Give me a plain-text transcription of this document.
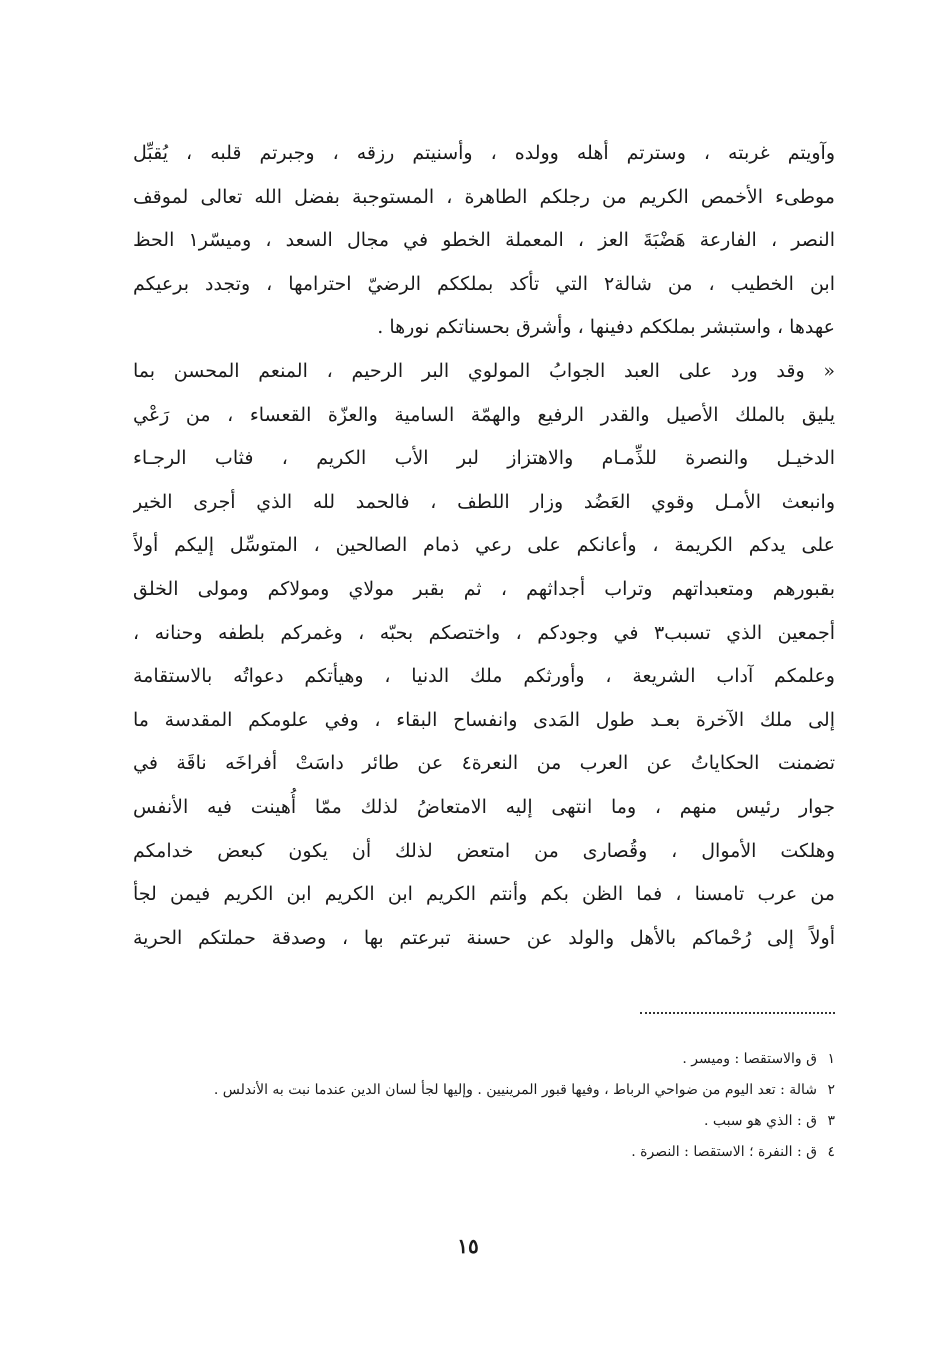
وآويتم غربته ، وسترتم أهله وولده ، وأسنيتم رزقه ، وجبرتم قلبه ، يُقبِّل
موطىء الأخمص الكريم من رجلكم الطاهرة ، المستوجبة بفضل الله تعالى لموقف
النصر ، الفارعة هَضْبَةَ العز ، المعملة الخطو في مجال السعد ، وميسّر١ الحظ
ابن الخطيب ، من شالة٢ التي تأكد بملككم الرضيّ احترامها ، وتجدد برعيكم
عهدها ، واستبشر بملككم دفينها ، وأشرق بحسناتكم نورها .
« وقد ورد على العبد الجوابُ المولوي البر الرحيم ، المنعم المحسن بما
يليق بالملك الأصيل والقدر الرفيع والهمّة السامية والعزّة القعساء ، من رَعْي
الدخيـل والنصرة للذِّمـام والاهتزاز لبر الأب الكريم ، فثاب الرجـاء
وانبعث الأمـل وقوي العَضُد وزار اللطف ، فالحمد لله الذي أجرى الخير
على يدكم الكريمة ، وأعانكم على رعي ذمام الصالحين ، المتوسِّل إليكم أولاً
بقبورهم ومتعبداتهم وتراب أجداثهم ، ثم بقبر مولاي ومولاكم ومولى الخلق
أجمعين الذي تسبب٣ في وجودكم ، واختصكم بحبّه ، وغمركم بلطفه وحنانه ،
وعلمكم آداب الشريعة ، وأورثكم ملك الدنيا ، وهيأتكم دعواتُه بالاستقامة
إلى ملك الآخرة بعـد طول المَدى وانفساح البقاء ، وفي علومكم المقدسة ما
تضمنت الحكاياتُ عن العرب من النعرة٤ عن طائر داسَتْ أفراخَه ناقَة في
جوار رئيس منهم ، وما انتهى إليه الامتعاضُ لذلك ممّا أُهينت فيه الأنفس
وهلكت الأموال ، وقُصارى من امتعض لذلك أن يكون كبعض خدامكم
من عرب تامسنا ، فما الظن بكم وأنتم الكريم ابن الكريم ابن الكريم فيمن لجأ
أولاً إلى رُحْماكم بالأهل والولد عن حسنة تبرعتم بها ، وصدقة حملتكم الحرية
١
ق والاستقصا : وميسر .
٢
شالة : تعد اليوم من ضواحي الرباط ، وفيها قبور المرينيين . وإليها لجأ لسان الدين عندما نبت به الأندلس .
٣
ق : الذي هو سبب .
٤
ق : النفرة ؛ الاستقصا : النصرة .
١٥
